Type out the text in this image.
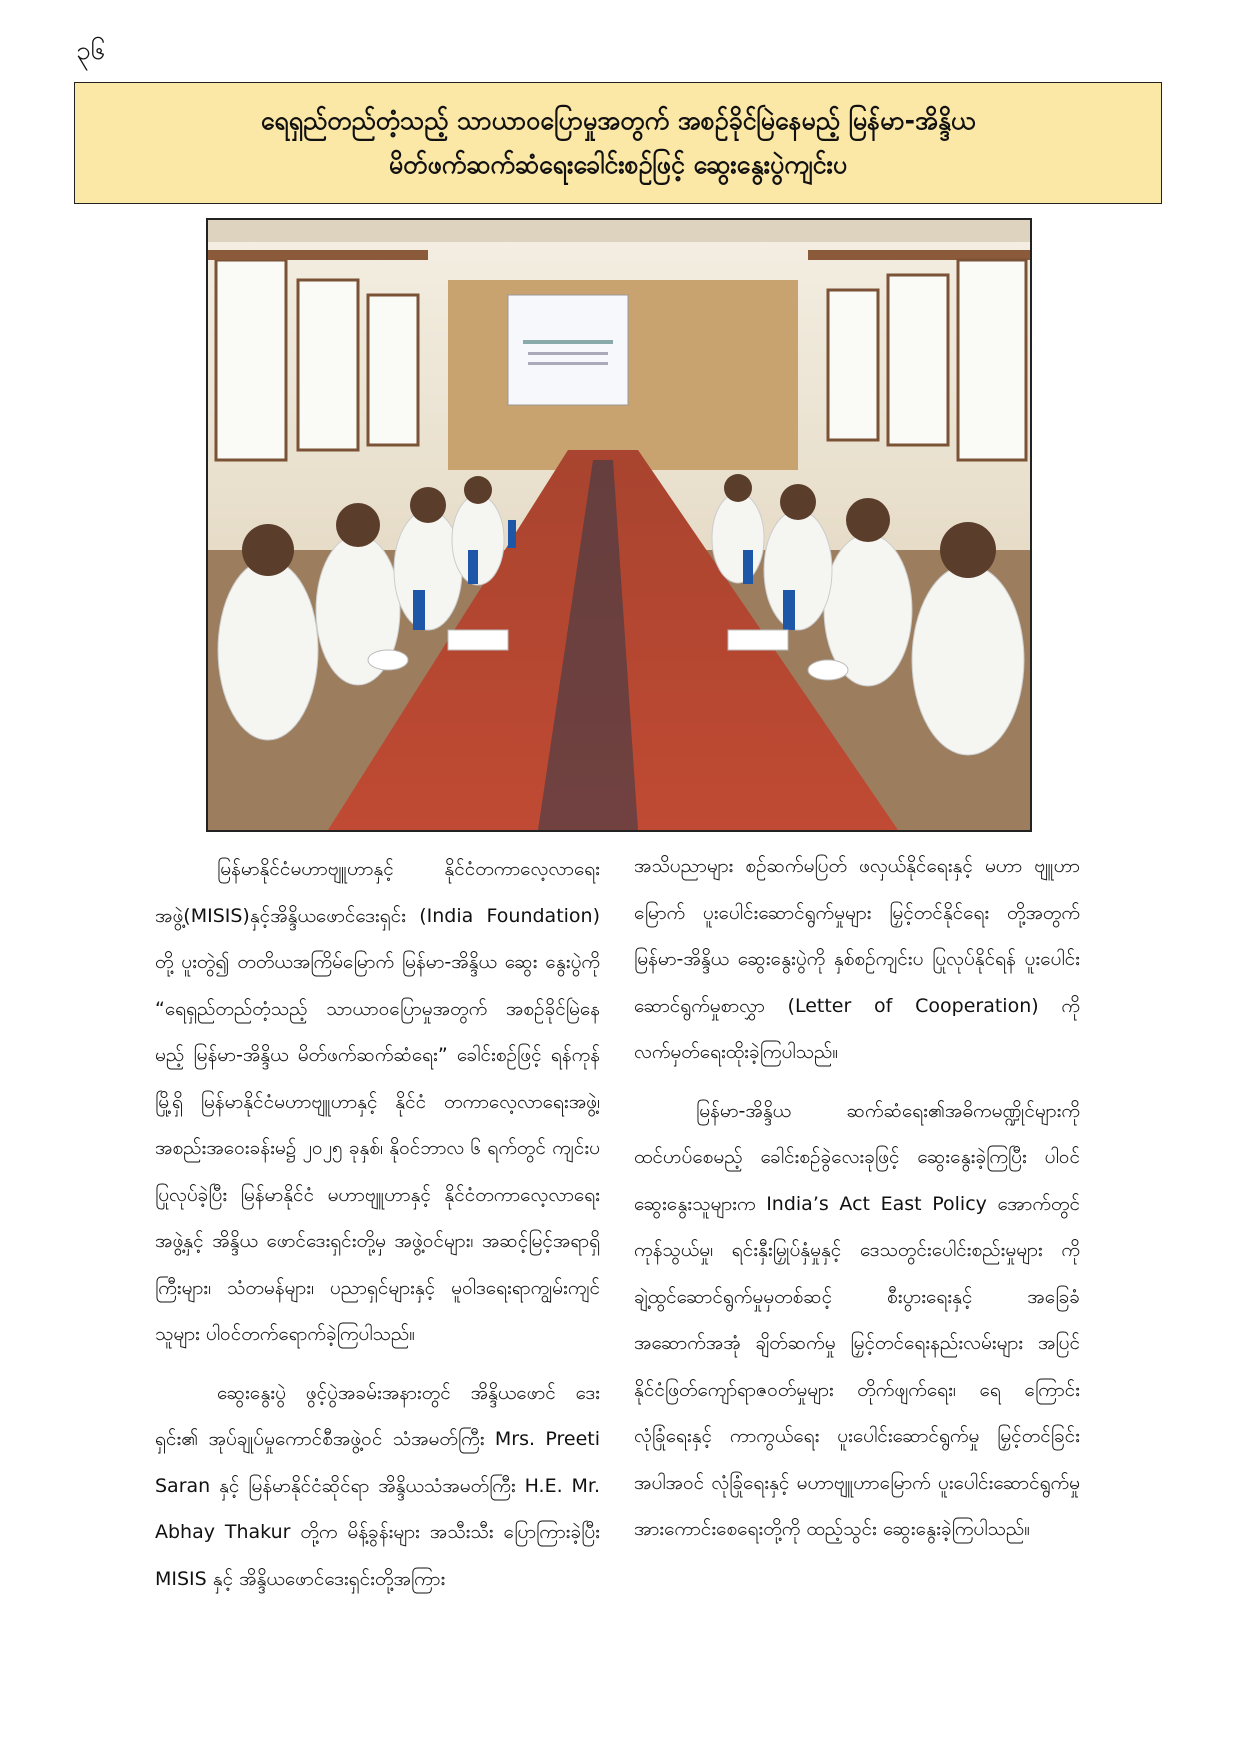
၃၆
ရေရှည်တည်တံ့သည့် သာယာဝပြောမှုအတွက် အစဉ်ခိုင်မြဲနေမည့် မြန်မာ-အိန္ဒိယ
မိတ်ဖက်ဆက်ဆံရေးခေါင်းစဉ်ဖြင့် ဆွေးနွေးပွဲကျင်းပ

မြန်မာနိုင်ငံမဟာဗျူဟာနှင့် နိုင်ငံတကာလေ့လာရေး အဖွဲ့(MISIS)နှင့်အိန္ဒိယဖောင်ဒေးရှင်း (India Foundation) တို့ ပူးတွဲ၍ တတိယအကြိမ်မြောက် မြန်မာ-အိန္ဒိယ ဆွေး နွေးပွဲကို “ရေရှည်တည်တံ့သည့် သာယာဝပြောမှုအတွက် အစဉ်ခိုင်မြဲနေမည့် မြန်မာ-အိန္ဒိယ မိတ်ဖက်ဆက်ဆံရေး” ခေါင်းစဉ်ဖြင့် ရန်ကုန်မြို့ရှိ မြန်မာနိုင်ငံမဟာဗျူဟာနှင့် နိုင်ငံ တကာလေ့လာရေးအဖွဲ့၊ အစည်းအဝေးခန်းမ၌ ၂၀၂၅ ခုနှစ်၊ နိုဝင်ဘာလ ၆ ရက်တွင် ကျင်းပပြုလုပ်ခဲ့ပြီး မြန်မာနိုင်ငံ မဟာဗျူဟာနှင့် နိုင်ငံတကာလေ့လာရေးအဖွဲ့နှင့် အိန္ဒိယ ဖောင်ဒေးရှင်းတို့မှ အဖွဲ့ဝင်များ၊ အဆင့်မြင့်အရာရှိကြီးများ၊ သံတမန်များ၊ ပညာရှင်များနှင့် မူဝါဒရေးရာကျွမ်းကျင်သူများ ပါဝင်တက်ရောက်ခဲ့ကြပါသည်။

ဆွေးနွေးပွဲ ဖွင့်ပွဲအခမ်းအနားတွင် အိန္ဒိယဖောင် ဒေးရှင်း၏ အုပ်ချုပ်မှုကောင်စီအဖွဲ့ဝင် သံအမတ်ကြီး Mrs. Preeti Saran နှင့် မြန်မာနိုင်ငံဆိုင်ရာ အိန္ဒိယသံအမတ်ကြီး H.E. Mr. Abhay Thakur တို့က မိန့်ခွန်းများ အသီးသီး ပြောကြားခဲ့ပြီး MISIS နှင့် အိန္ဒိယဖောင်ဒေးရှင်းတို့အကြား

အသိပညာများ စဉ်ဆက်မပြတ် ဖလှယ်နိုင်ရေးနှင့် မဟာ ဗျူဟာမြောက် ပူးပေါင်းဆောင်ရွက်မှုများ မြှင့်တင်နိုင်ရေး တို့အတွက် မြန်မာ-အိန္ဒိယ ဆွေးနွေးပွဲကို နှစ်စဉ်ကျင်းပ ပြုလုပ်နိုင်ရန် ပူးပေါင်းဆောင်ရွက်မှုစာလွှာ (Letter of Cooperation) ကို လက်မှတ်ရေးထိုးခဲ့ကြပါသည်။

မြန်မာ-အိန္ဒိယ ဆက်ဆံရေး၏အဓိကမဏ္ဍိုင်များကို ထင်ဟပ်စေမည့် ခေါင်းစဉ်ခွဲလေးခုဖြင့် ဆွေးနွေးခဲ့ကြပြီး ပါဝင် ဆွေးနွေးသူများက India’s Act East Policy အောက်တွင် ကုန်သွယ်မှု၊ ရင်းနှီးမြှုပ်နှံမှုနှင့် ဒေသတွင်းပေါင်းစည်းမှုများ ကို ချဲ့ထွင်ဆောင်ရွက်မှုမှတစ်ဆင့် စီးပွားရေးနှင့် အခြေခံ အဆောက်အအုံ ချိတ်ဆက်မှု မြှင့်တင်ရေးနည်းလမ်းများ အပြင် နိုင်ငံဖြတ်ကျော်ရာဇဝတ်မှုများ တိုက်ဖျက်ရေး၊ ရေ ကြောင်းလုံခြုံရေးနှင့် ကာကွယ်ရေး ပူးပေါင်းဆောင်ရွက်မှု မြှင့်တင်ခြင်း အပါအဝင် လုံခြုံရေးနှင့် မဟာဗျူဟာမြောက် ပူးပေါင်းဆောင်ရွက်မှု အားကောင်းစေရေးတို့ကို ထည့်သွင်း ဆွေးနွေးခဲ့ကြပါသည်။
